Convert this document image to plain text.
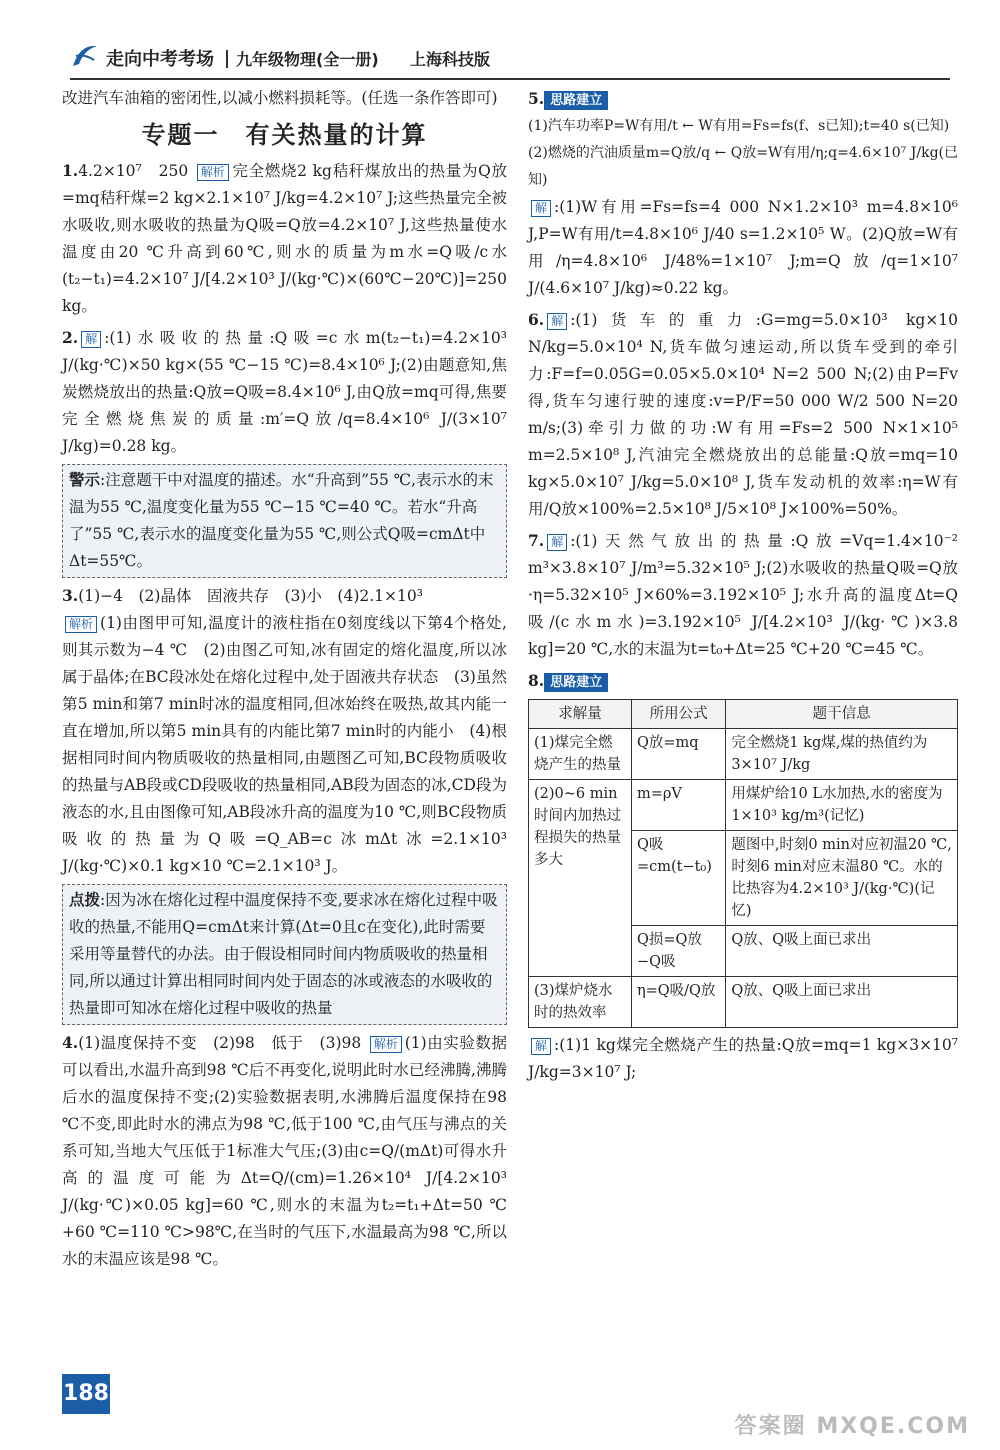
走向中考考场 九年级物理(全一册) 上海科技版

改进汽车油箱的密闭性,以减小燃料损耗等。(任选一条作答即可)

专题一　有关热量的计算

1.4.2×10⁷　250 解析 完全燃烧2 kg秸秆煤放出的热量为Q放=mq秸秆煤=2 kg×2.1×10⁷ J/kg=4.2×10⁷ J;这些热量完全被水吸收,则水吸收的热量为Q吸=Q放=4.2×10⁷ J,这些热量使水温度由20 ℃升高到60℃,则水的质量为m水=Q吸/c水(t₂−t₁)=4.2×10⁷ J/[4.2×10³ J/(kg·℃)×(60℃−20℃)]=250 kg。

2. 解 :(1)水吸收的热量:Q吸=c水m(t₂−t₁)=4.2×10³ J/(kg·℃)×50 kg×(55 ℃−15 ℃)=8.4×10⁶ J;(2)由题意知,焦炭燃烧放出的热量:Q放=Q吸=8.4×10⁶ J,由Q放=mq可得,焦要完全燃烧焦炭的质量:m′=Q放/q=8.4×10⁶ J/(3×10⁷ J/kg)=0.28 kg。

警示:注意题干中对温度的描述。水“升高到”55 ℃,表示水的末温为55 ℃,温度变化量为55 ℃−15 ℃=40 ℃。若水“升高了”55 ℃,表示水的温度变化量为55 ℃,则公式Q吸=cmΔt中Δt=55℃。

3.(1)−4　(2)晶体　固液共存　(3)小　(4)2.1×10³
解析 (1)由图甲可知,温度计的液柱指在0刻度线以下第4个格处,则其示数为−4 ℃　(2)由图乙可知,冰有固定的熔化温度,所以冰属于晶体;在BC段冰处在熔化过程中,处于固液共存状态　(3)虽然第5 min和第7 min时冰的温度相同,但冰始终在吸热,故其内能一直在增加,所以第5 min具有的内能比第7 min时的内能小　(4)根据相同时间内物质吸收的热量相同,由题图乙可知,BC段物质吸收的热量与AB段或CD段吸收的热量相同,AB段为固态的冰,CD段为液态的水,且由图像可知,AB段冰升高的温度为10 ℃,则BC段物质吸收的热量为Q吸=Q_AB=c冰mΔt冰=2.1×10³ J/(kg·℃)×0.1 kg×10 ℃=2.1×10³ J。

点拨:因为冰在熔化过程中温度保持不变,要求冰在熔化过程中吸收的热量,不能用Q=cmΔt来计算(Δt=0且c在变化),此时需要采用等量替代的办法。由于假设相同时间内物质吸收的热量相同,所以通过计算出相同时间内处于固态的冰或液态的水吸收的热量即可知冰在熔化过程中吸收的热量

4.(1)温度保持不变　(2)98　低于　(3)98 解析 (1)由实验数据可以看出,水温升高到98 ℃后不再变化,说明此时水已经沸腾,沸腾后水的温度保持不变;(2)实验数据表明,水沸腾后温度保持在98 ℃不变,即此时水的沸点为98 ℃,低于100 ℃,由气压与沸点的关系可知,当地大气压低于1标准大气压;(3)由c=Q/(mΔt)可得水升高的温度可能为Δt=Q/(cm)=1.26×10⁴ J/[4.2×10³ J/(kg·℃)×0.05 kg]=60 ℃,则水的末温为t₂=t₁+Δt=50 ℃+60 ℃=110 ℃>98℃,在当时的气压下,水温最高为98 ℃,所以水的末温应该是98 ℃。

5. 思路建立

(1)汽车功率P=W有用/t ← W有用=Fs=fs(f、s已知);t=40 s(已知)

(2)燃烧的汽油质量m=Q放/q ← Q放=W有用/η;q=4.6×10⁷ J/kg(已知)

解 :(1)W有用=Fs=fs=4 000 N×1.2×10³ m=4.8×10⁶ J,P=W有用/t=4.8×10⁶ J/40 s=1.2×10⁵ W。(2)Q放=W有用/η=4.8×10⁶ J/48%=1×10⁷ J;m=Q放/q=1×10⁷ J/(4.6×10⁷ J/kg)≈0.22 kg。

6. 解 :(1)货车的重力:G=mg=5.0×10³ kg×10 N/kg=5.0×10⁴ N,货车做匀速运动,所以货车受到的牵引力:F=f=0.05G=0.05×5.0×10⁴ N=2 500 N;(2)由P=Fv得,货车匀速行驶的速度:v=P/F=50 000 W/2 500 N=20 m/s;(3)牵引力做的功:W有用=Fs=2 500 N×1×10⁵ m=2.5×10⁸ J,汽油完全燃烧放出的总能量:Q放=mq=10 kg×5.0×10⁷ J/kg=5.0×10⁸ J,货车发动机的效率:η=W有用/Q放×100%=2.5×10⁸ J/5×10⁸ J×100%=50%。

7. 解 :(1)天然气放出的热量:Q放=Vq=1.4×10⁻² m³×3.8×10⁷ J/m³=5.32×10⁵ J;(2)水吸收的热量Q吸=Q放·η=5.32×10⁵ J×60%=3.192×10⁵ J;水升高的温度Δt=Q吸/(c水m水)=3.192×10⁵ J/[4.2×10³ J/(kg·℃)×3.8 kg]=20 ℃,水的末温为t=t₀+Δt=25 ℃+20 ℃=45 ℃。

8. 思路建立

求解量	所用公式	题干信息
(1)煤完全燃烧产生的热量	Q放=mq	完全燃烧1 kg煤,煤的热值约为3×10⁷ J/kg
(2)0~6 min时间内加热过程损失的热量多大	m=ρV	用煤炉给10 L水加热,水的密度为1×10³ kg/m³(记忆)
	Q吸=cm(t−t₀)	题图中,时刻0 min对应初温20 ℃,时刻6 min对应末温80 ℃。水的比热容为4.2×10³ J/(kg·℃)(记忆)
	Q损=Q放−Q吸	Q放、Q吸上面已求出
(3)煤炉烧水时的热效率	η=Q吸/Q放	Q放、Q吸上面已求出

解 :(1)1 kg煤完全燃烧产生的热量:Q放=mq=1 kg×3×10⁷ J/kg=3×10⁷ J;

188
答案圈 MXQE.COM
